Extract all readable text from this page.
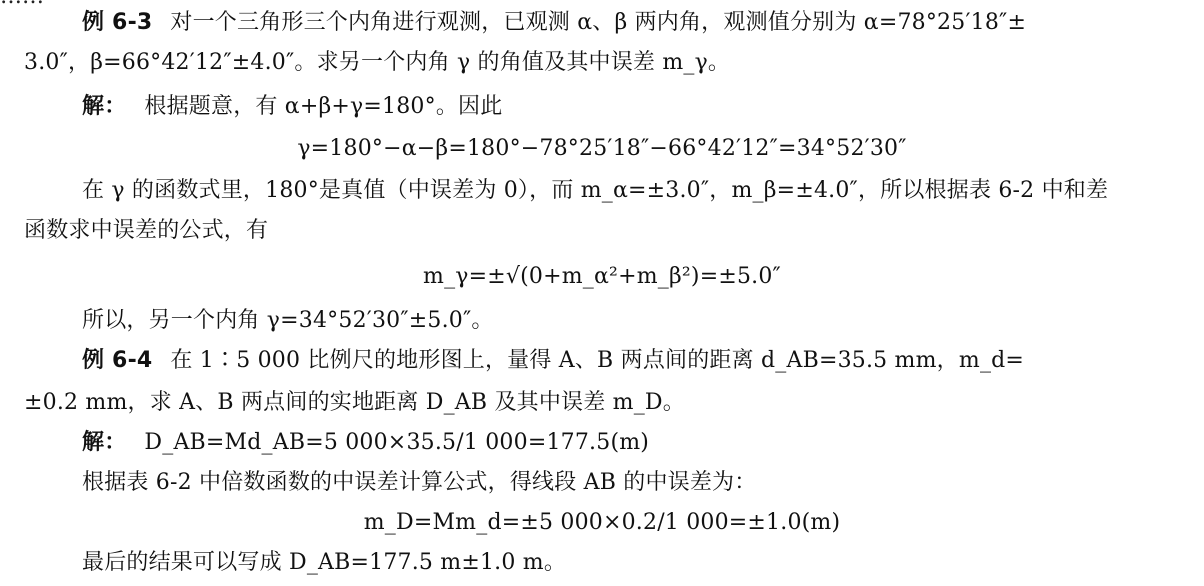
例 6-3 对一个三角形三个内角进行观测，已观测 α、β 两内角，观测值分别为 α=78°25′18″±
3.0″，β=66°42′12″±4.0″。求另一个内角 γ 的角值及其中误差 m_γ。
解： 根据题意，有 α+β+γ=180°。因此
γ=180°−α−β=180°−78°25′18″−66°42′12″=34°52′30″
在 γ 的函数式里，180°是真值（中误差为 0），而 m_α=±3.0″，m_β=±4.0″，所以根据表 6-2 中和差
函数求中误差的公式，有
m_γ=±√(0+m_α²+m_β²)=±5.0″
所以，另一个内角 γ=34°52′30″±5.0″。
例 6-4 在 1∶5 000 比例尺的地形图上，量得 A、B 两点间的距离 d_AB=35.5 mm，m_d=
±0.2 mm，求 A、B 两点间的实地距离 D_AB 及其中误差 m_D。
解： D_AB=Md_AB=5 000×35.5/1 000=177.5(m)
根据表 6-2 中倍数函数的中误差计算公式，得线段 AB 的中误差为：
m_D=Mm_d=±5 000×0.2/1 000=±1.0(m)
最后的结果可以写成 D_AB=177.5 m±1.0 m。
